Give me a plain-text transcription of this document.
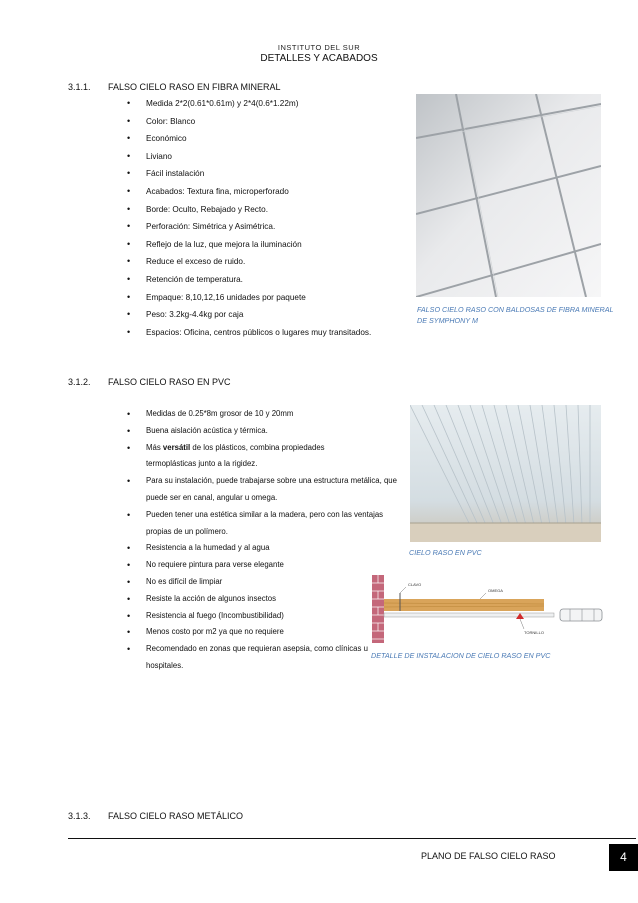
INSTITUTO DEL SUR
DETALLES Y ACABADOS
3.1.1. FALSO CIELO RASO EN FIBRA MINERAL
• Medida 2*2(0.61*0.61m) y 2*4(0.6*1.22m)
• Color: Blanco
• Económico
• Liviano
• Fácil instalación
• Acabados: Textura fina, microperforado
• Borde: Oculto, Rebajado y Recto.
• Perforación: Simétrica y Asimétrica.
• Reflejo de la luz, que mejora la iluminación
• Reduce el exceso de ruido.
• Retención de temperatura.
• Empaque: 8,10,12,16 unidades por paquete
• Peso: 3.2kg-4.4kg por caja
• Espacios: Oficina, centros públicos o lugares muy transitados.
FALSO CIELO RASO CON BALDOSAS DE FIBRA MINERAL DE SYMPHONY M
3.1.2. FALSO CIELO RASO EN PVC
• Medidas de 0.25*8m grosor de 10 y 20mm
• Buena aislación acústica y térmica.
• Más versátil de los plásticos, combina propiedades termoplásticas junto a la rigidez.
• Para su instalación, puede trabajarse sobre una estructura metálica, que puede ser en canal, angular u omega.
• Pueden tener una estética similar a la madera, pero con las ventajas propias de un polímero.
• Resistencia a la humedad y al agua
• No requiere pintura para verse elegante
• No es difícil de limpiar
• Resiste la acción de algunos insectos
• Resistencia al fuego (Incombustibilidad)
• Menos costo por m2 ya que no requiere
• Recomendado en zonas que requieran asepsia, como clínicas u hospitales.
CIELO RASO EN PVC
CLAVO
OMEGA
TORNILLO
DETALLE DE INSTALACION DE CIELO RASO EN PVC
3.1.3. FALSO CIELO RASO METÁLICO
PLANO DE FALSO CIELO RASO	4
